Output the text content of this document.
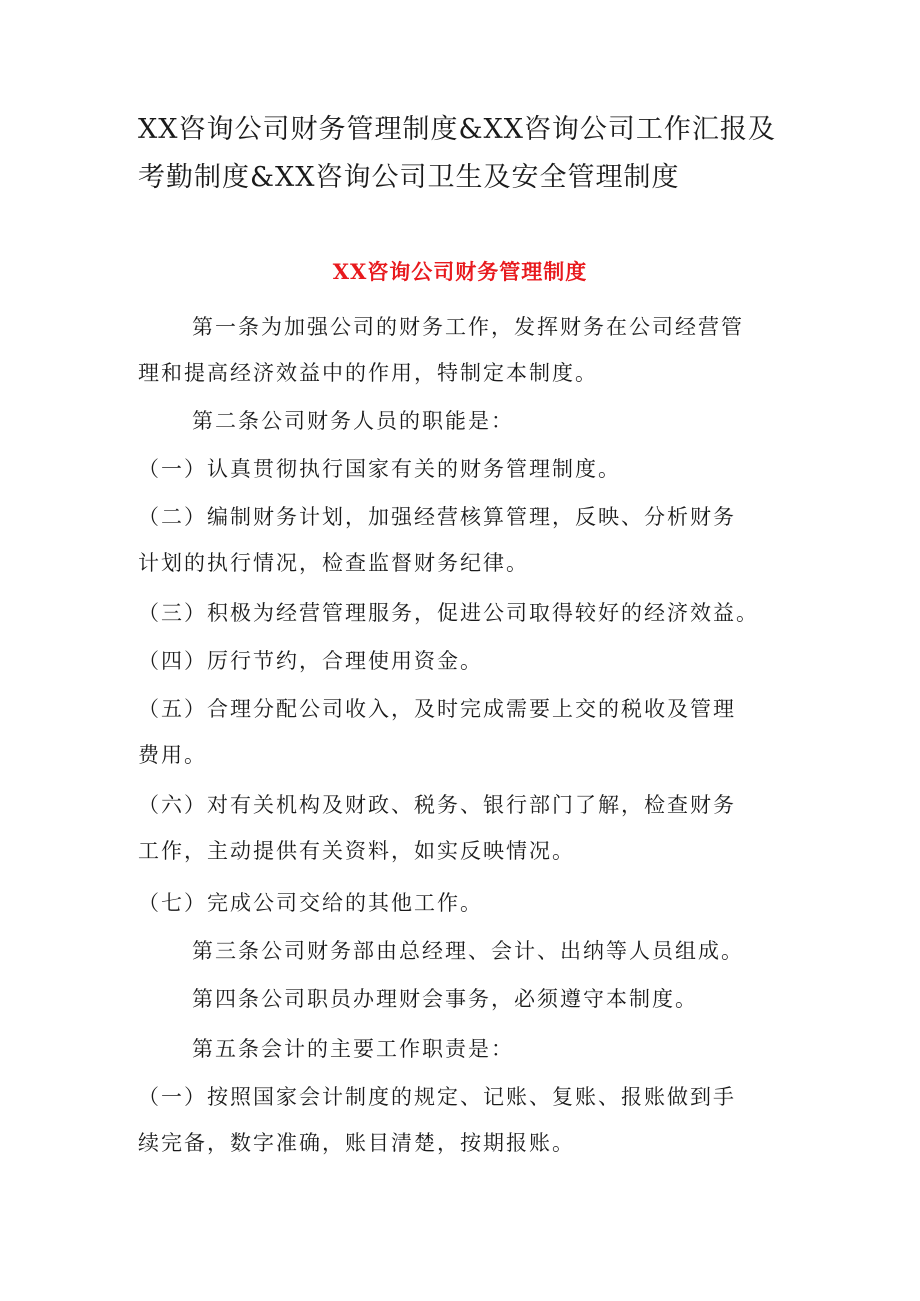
XX咨询公司财务管理制度&XX咨询公司工作汇报及
考勤制度&XX咨询公司卫生及安全管理制度
XX咨询公司财务管理制度

第一条为加强公司的财务工作，发挥财务在公司经营管
理和提高经济效益中的作用，特制定本制度。

第二条公司财务人员的职能是：

（一）认真贯彻执行国家有关的财务管理制度。

（二）编制财务计划，加强经营核算管理，反映、分析财务
计划的执行情况，检查监督财务纪律。

（三）积极为经营管理服务，促进公司取得较好的经济效益。

（四）厉行节约，合理使用资金。

（五）合理分配公司收入，及时完成需要上交的税收及管理
费用。

（六）对有关机构及财政、税务、银行部门了解，检查财务
工作，主动提供有关资料，如实反映情况。

（七）完成公司交给的其他工作。

第三条公司财务部由总经理、会计、出纳等人员组成。

第四条公司职员办理财会事务，必须遵守本制度。

第五条会计的主要工作职责是：

（一）按照国家会计制度的规定、记账、复账、报账做到手
续完备，数字准确，账目清楚，按期报账。
